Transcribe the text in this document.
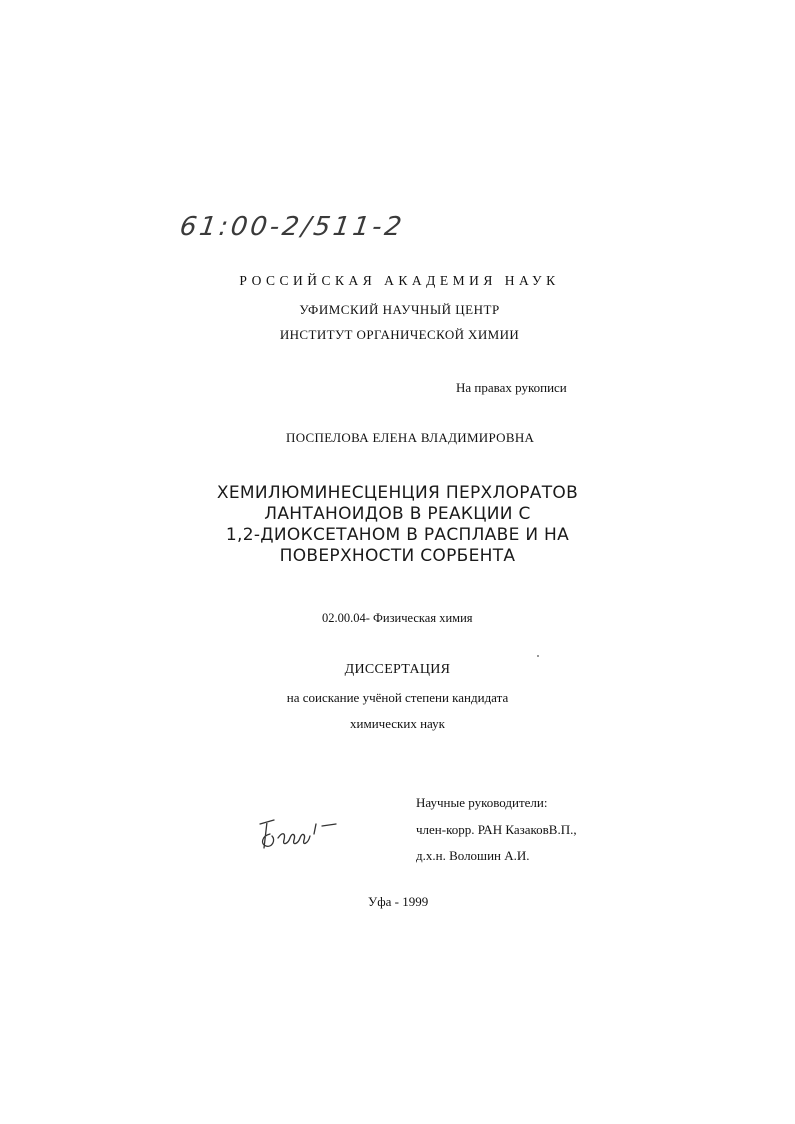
61:00-2/511-2
РОССИЙСКАЯ АКАДЕМИЯ НАУК
УФИМСКИЙ НАУЧНЫЙ ЦЕНТР
ИНСТИТУТ ОРГАНИЧЕСКОЙ ХИМИИ
На правах рукописи
ПОСПЕЛОВА ЕЛЕНА ВЛАДИМИРОВНА
ХЕМИЛЮМИНЕСЦЕНЦИЯ ПЕРХЛОРАТОВ
ЛАНТАНОИДОВ В РЕАКЦИИ С
1,2-ДИОКСЕТАНОМ В РАСПЛАВЕ И НА
ПОВЕРХНОСТИ СОРБЕНТА
02.00.04- Физическая химия
ДИССЕРТАЦИЯ
на соискание учёной степени кандидата
химических наук
Научные руководители:
член-корр. РАН КазаковВ.П.,
д.х.н. Волошин А.И.
Уфа - 1999
